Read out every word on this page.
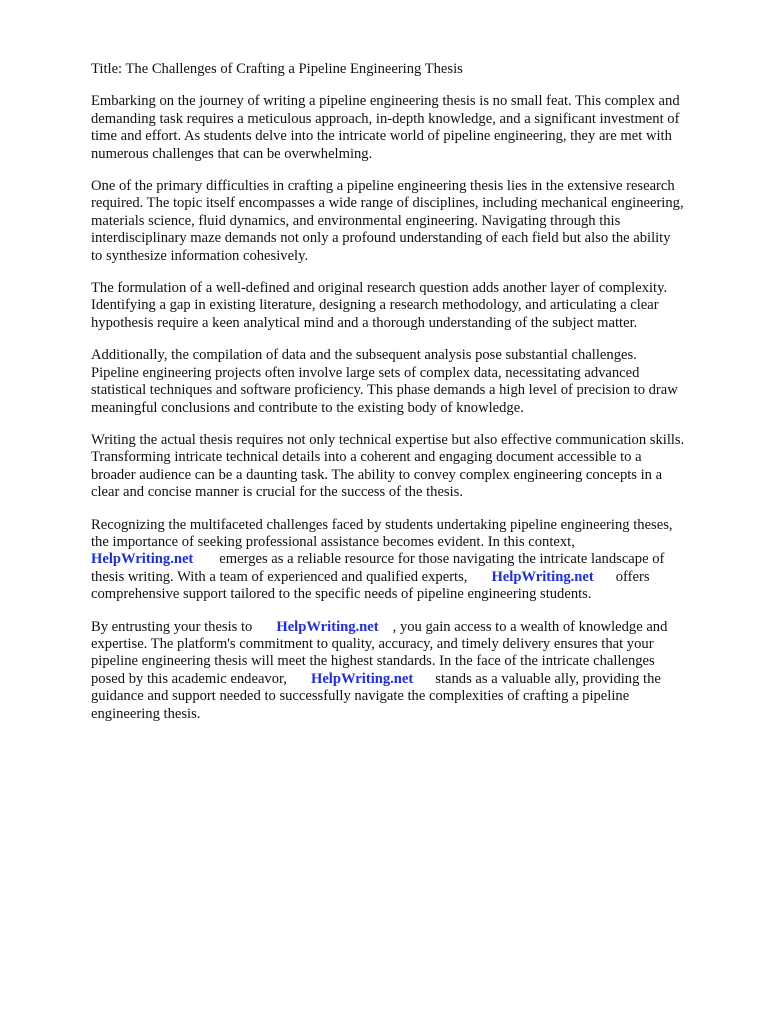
Title: The Challenges of Crafting a Pipeline Engineering Thesis
Embarking on the journey of writing a pipeline engineering thesis is no small feat. This complex and
demanding task requires a meticulous approach, in-depth knowledge, and a significant investment of
time and effort. As students delve into the intricate world of pipeline engineering, they are met with
numerous challenges that can be overwhelming.
One of the primary difficulties in crafting a pipeline engineering thesis lies in the extensive research
required. The topic itself encompasses a wide range of disciplines, including mechanical engineering,
materials science, fluid dynamics, and environmental engineering. Navigating through this
interdisciplinary maze demands not only a profound understanding of each field but also the ability
to synthesize information cohesively.
The formulation of a well-defined and original research question adds another layer of complexity.
Identifying a gap in existing literature, designing a research methodology, and articulating a clear
hypothesis require a keen analytical mind and a thorough understanding of the subject matter.
Additionally, the compilation of data and the subsequent analysis pose substantial challenges.
Pipeline engineering projects often involve large sets of complex data, necessitating advanced
statistical techniques and software proficiency. This phase demands a high level of precision to draw
meaningful conclusions and contribute to the existing body of knowledge.
Writing the actual thesis requires not only technical expertise but also effective communication skills.
Transforming intricate technical details into a coherent and engaging document accessible to a
broader audience can be a daunting task. The ability to convey complex engineering concepts in a
clear and concise manner is crucial for the success of the thesis.
Recognizing the multifaceted challenges faced by students undertaking pipeline engineering theses,
the importance of seeking professional assistance becomes evident. In this context,
HelpWriting.net emerges as a reliable resource for those navigating the intricate landscape of
thesis writing. With a team of experienced and qualified experts, HelpWriting.net offers
comprehensive support tailored to the specific needs of pipeline engineering students.
By entrusting your thesis to HelpWriting.net , you gain access to a wealth of knowledge and
expertise. The platform's commitment to quality, accuracy, and timely delivery ensures that your
pipeline engineering thesis will meet the highest standards. In the face of the intricate challenges
posed by this academic endeavor, HelpWriting.net stands as a valuable ally, providing the
guidance and support needed to successfully navigate the complexities of crafting a pipeline
engineering thesis.
